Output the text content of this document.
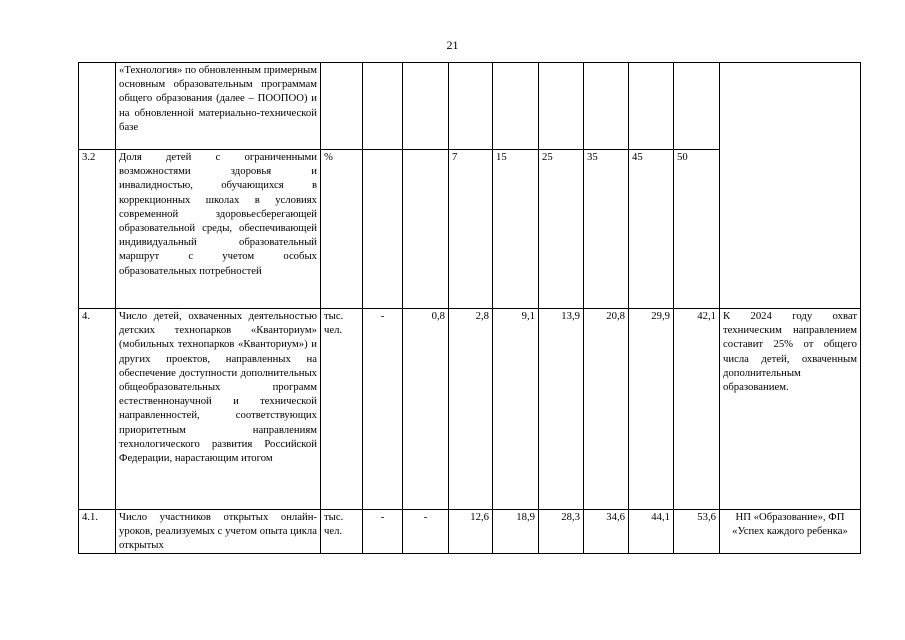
21
	«Технология» по обновленным примерным основным образовательным программам общего образования (далее – ПООПОО) и на обновленной материально-технической базе										
3.2	Доля детей с ограниченными возможностями здоровья и инвалидностью, обучающихся в коррекционных школах в условиях современной здоровьесберегающей образовательной среды, обеспечивающей индивидуальный образовательный маршрут с учетом особых образовательных потребностей	%			7	15	25	35	45	50	
4.	Число детей, охваченных деятельностью детских технопарков «Кванториум» (мобильных технопарков «Кванториум») и других проектов, направленных на обеспечение доступности дополнительных общеобразовательных программ естественнонаучной и технической направленностей, соответствующих приоритетным направлениям технологического развития Российской Федерации, нарастающим итогом	тыс. чел.	-	0,8	2,8	9,1	13,9	20,8	29,9	42,1	К 2024 году охват техническим направлением составит 25% от общего числа детей, охваченным дополнительным образованием.
4.1.	Число участников открытых онлайн-уроков, реализуемых с учетом опыта цикла открытых	тыс. чел.	-	-	12,6	18,9	28,3	34,6	44,1	53,6	НП «Образование», ФП «Успех каждого ребенка»
